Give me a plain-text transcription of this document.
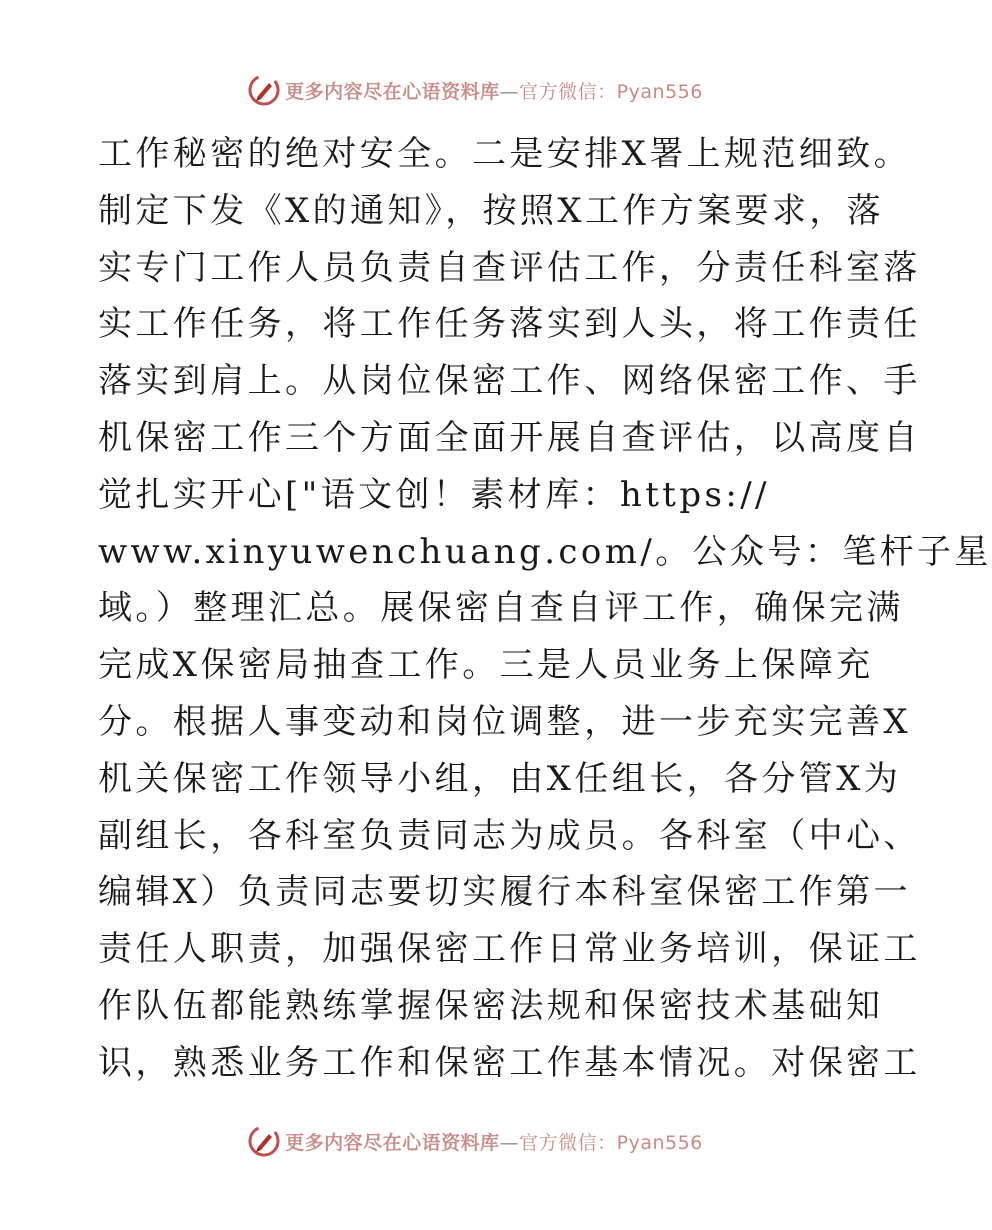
更多内容尽在心语资料库—官方微信：Pyan556
工作秘密的绝对安全。二是安排X署上规范细致。
制定下发《X的通知》，按照X工作方案要求，落
实专门工作人员负责自查评估工作，分责任科室落
实工作任务，将工作任务落实到人头，将工作责任
落实到肩上。从岗位保密工作、网络保密工作、手
机保密工作三个方面全面开展自查评估，以高度自
觉扎实开心["语文创！素材库：https://
www.xinyuwenchuang.com/。公众号：笔杆子星
域。）整理汇总。展保密自查自评工作，确保完满
完成X保密局抽查工作。三是人员业务上保障充
分。根据人事变动和岗位调整，进一步充实完善X
机关保密工作领导小组，由X任组长，各分管X为
副组长，各科室负责同志为成员。各科室（中心、
编辑X）负责同志要切实履行本科室保密工作第一
责任人职责，加强保密工作日常业务培训，保证工
作队伍都能熟练掌握保密法规和保密技术基础知
识，熟悉业务工作和保密工作基本情况。对保密工
更多内容尽在心语资料库—官方微信：Pyan556
